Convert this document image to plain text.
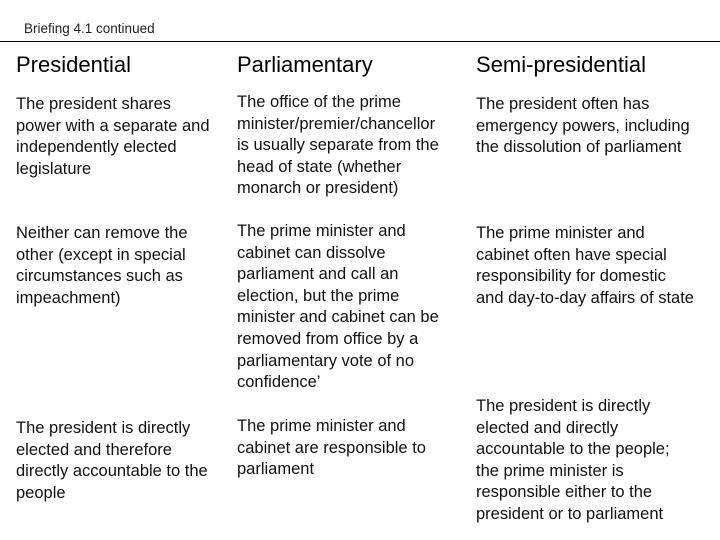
Briefing 4.1 continued
Presidential	Parliamentary	Semi-presidential
The president shares
power with a separate and
independently elected
legislature
The office of the prime
minister/premier/chancellor
is usually separate from the
head of state (whether
monarch or president)
The president often has
emergency powers, including
the dissolution of parliament
Neither can remove the
other (except in special
circumstances such as
impeachment)
The prime minister and
cabinet can dissolve
parliament and call an
election, but the prime
minister and cabinet can be
removed from office by a
parliamentary vote of no
confidence’
The prime minister and
cabinet often have special
responsibility for domestic
and day-to-day affairs of state
The president is directly
elected and therefore
directly accountable to the
people
The prime minister and
cabinet are responsible to
parliament
The president is directly
elected and directly
accountable to the people;
the prime minister is
responsible either to the
president or to parliament
